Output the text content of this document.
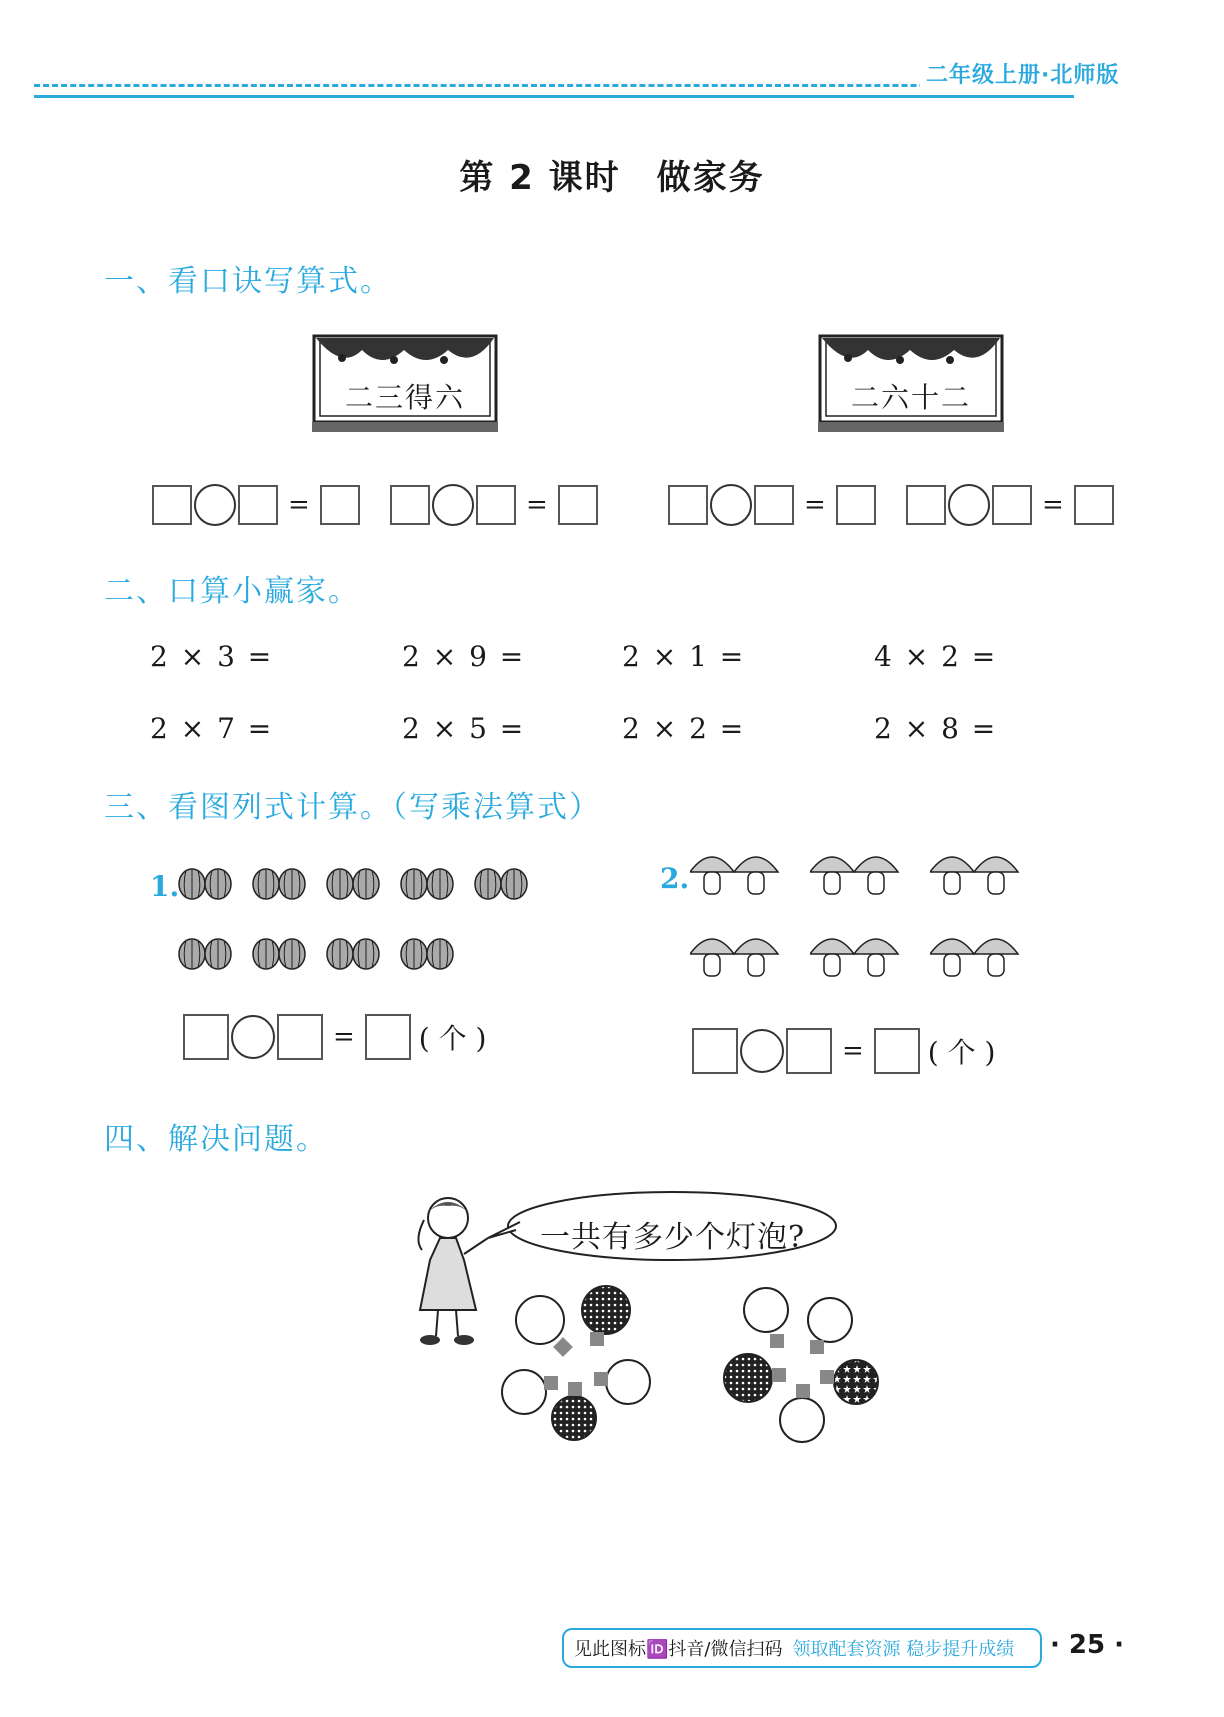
二年级上册·北师版
第 2 课时　做家务
一、看口诀写算式。
二三得六	二六十二
=	=	=	=
二、口算小赢家。
2 × 3 =	2 × 9 =	2 × 1 =	4 × 2 =
2 × 7 =	2 × 5 =	2 × 2 =	2 × 8 =
三、看图列式计算。（写乘法算式）
1.
= ( 个 )
2.
= ( 个 )
四、解决问题。
一共有多少个灯泡?
见此图标🆔抖音/微信扫码 领取配套资源 稳步提升成绩 · 25 ·
